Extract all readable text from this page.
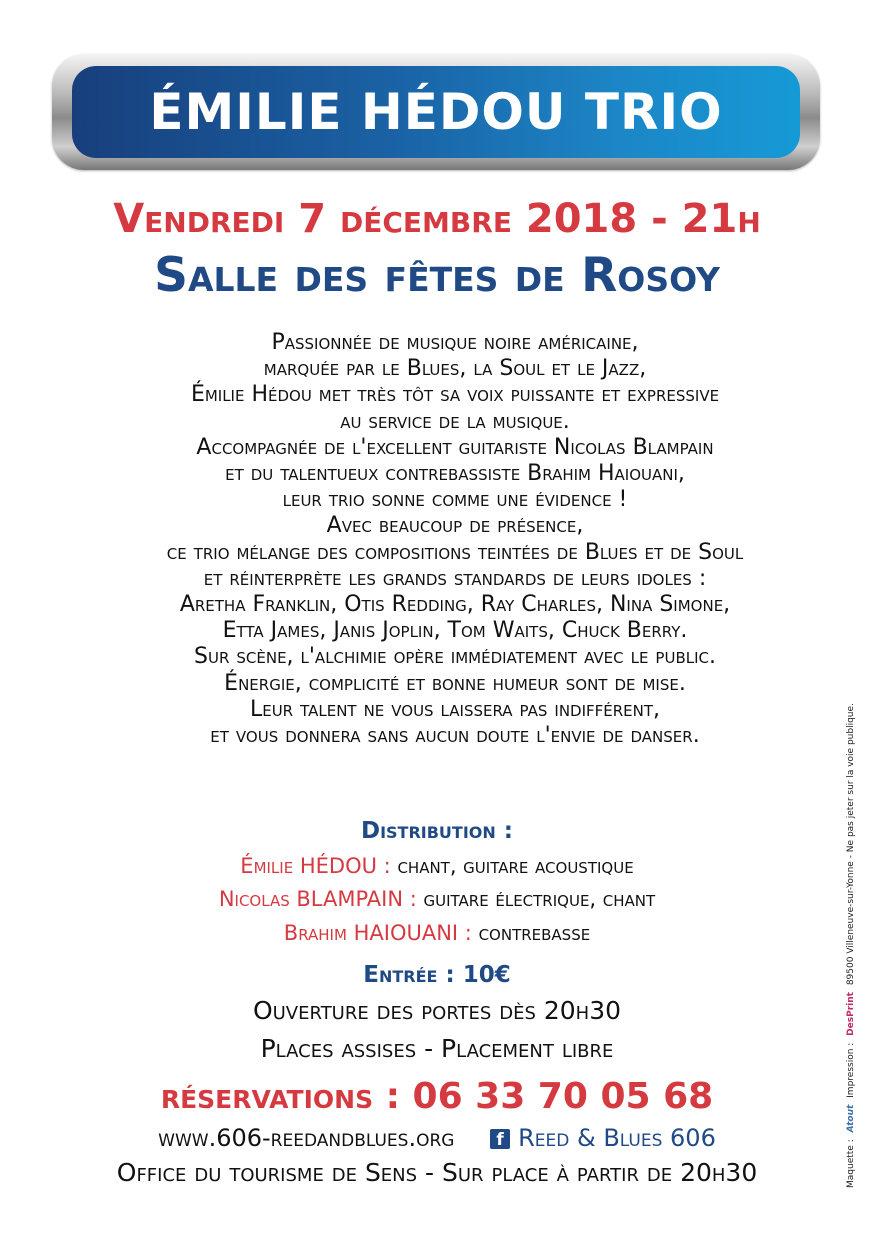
ÉMILIE HÉDOU TRIO
Vendredi 7 décembre 2018 - 21h
Salle des fêtes de Rosoy
Passionnée de musique noire américaine,
marquée par le Blues, la Soul et le Jazz,
Émilie Hédou met très tôt sa voix puissante et expressive
au service de la musique.
Accompagnée de l'excellent guitariste Nicolas Blampain
et du talentueux contrebassiste Brahim Haiouani,
leur trio sonne comme une évidence !
Avec beaucoup de présence,
ce trio mélange des compositions teintées de Blues et de Soul
et réinterprète les grands standards de leurs idoles :
Aretha Franklin, Otis Redding, Ray Charles, Nina Simone,
Etta James, Janis Joplin, Tom Waits, Chuck Berry.
Sur scène, l'alchimie opère immédiatement avec le public.
Énergie, complicité et bonne humeur sont de mise.
Leur talent ne vous laissera pas indifférent,
et vous donnera sans aucun doute l'envie de danser.
Distribution :
Émilie HÉDOU : chant, guitare acoustique
Nicolas BLAMPAIN : guitare électrique, chant
Brahim HAIOUANI : contrebasse
Entrée : 10€
Ouverture des portes dès 20h30
Places assises - Placement libre
réservations : 06 33 70 05 68
www.606-reedandblues.org f Reed & Blues 606
Office du tourisme de Sens - Sur place à partir de 20h30	Maquette : Atout Impression : DesPrint 89500 Villeneuve-sur-Yonne - Ne pas jeter sur la voie publique.
